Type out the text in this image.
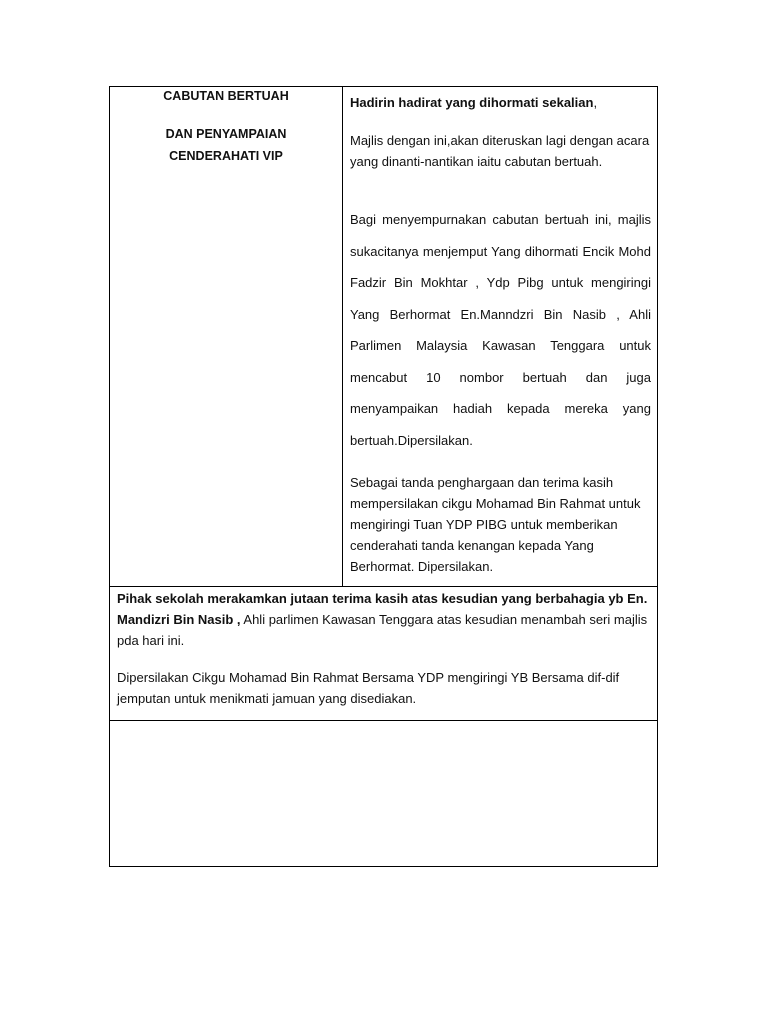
CABUTAN BERTUAH
DAN PENYAMPAIAN
CENDERAHATI VIP
Hadirin hadirat yang dihormati sekalian,
Majlis dengan ini,akan diteruskan lagi dengan acara yang dinanti-nantikan iaitu cabutan bertuah.
Bagi menyempurnakan cabutan bertuah ini, majlis sukacitanya menjemput Yang dihormati Encik Mohd Fadzir Bin Mokhtar , Ydp Pibg untuk mengiringi Yang Berhormat En.Manndzri Bin Nasib , Ahli Parlimen Malaysia Kawasan Tenggara untuk mencabut 10 nombor bertuah dan juga menyampaikan hadiah kepada mereka yang bertuah.Dipersilakan.
Sebagai tanda penghargaan dan terima kasih mempersilakan cikgu Mohamad Bin Rahmat untuk mengiringi Tuan YDP PIBG untuk memberikan cenderahati tanda kenangan kepada Yang Berhormat. Dipersilakan.
Pihak sekolah merakamkan jutaan terima kasih atas kesudian yang berbahagia yb En. Mandizri Bin Nasib , Ahli parlimen Kawasan Tenggara atas kesudian menambah seri majlis pda hari ini.
Dipersilakan Cikgu Mohamad Bin Rahmat Bersama YDP mengiringi YB Bersama dif-dif jemputan untuk menikmati jamuan yang disediakan.
